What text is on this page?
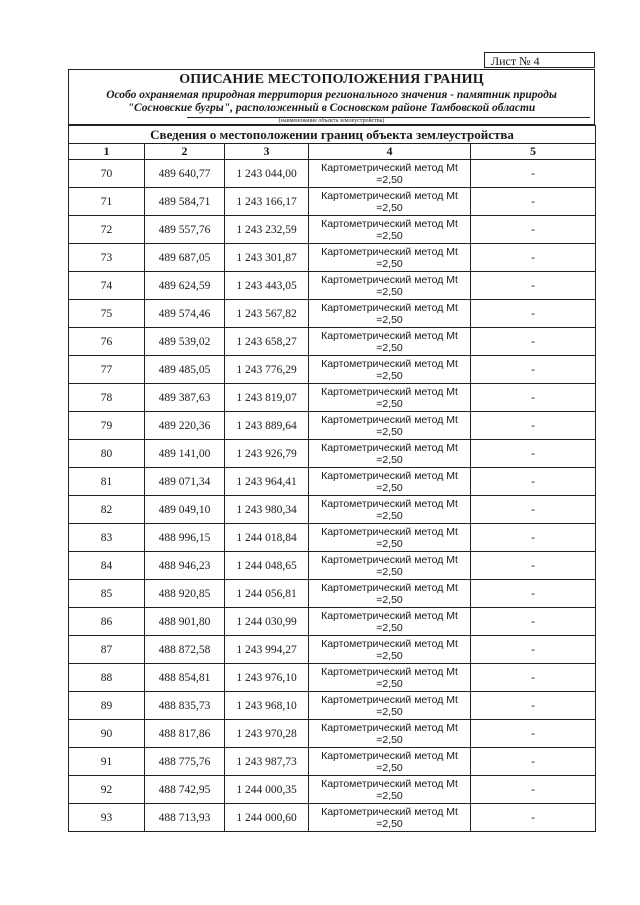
Лист № 4
ОПИСАНИЕ МЕСТОПОЛОЖЕНИЯ ГРАНИЦ
Особо охраняемая природная территория регионального значения - памятник природы "Сосновские бугры", расположенный в Сосновском районе Тамбовской области
(наименование объекта землеустройства)
Сведения о местоположении границ объекта землеустройства				
1	2	3	4	5
70	489 640,77	1 243 044,00	Картометрический метод Mt
=2,50	-
71	489 584,71	1 243 166,17	Картометрический метод Mt
=2,50	-
72	489 557,76	1 243 232,59	Картометрический метод Mt
=2,50	-
73	489 687,05	1 243 301,87	Картометрический метод Mt
=2,50	-
74	489 624,59	1 243 443,05	Картометрический метод Mt
=2,50	-
75	489 574,46	1 243 567,82	Картометрический метод Mt
=2,50	-
76	489 539,02	1 243 658,27	Картометрический метод Mt
=2,50	-
77	489 485,05	1 243 776,29	Картометрический метод Mt
=2,50	-
78	489 387,63	1 243 819,07	Картометрический метод Mt
=2,50	-
79	489 220,36	1 243 889,64	Картометрический метод Mt
=2,50	-
80	489 141,00	1 243 926,79	Картометрический метод Mt
=2,50	-
81	489 071,34	1 243 964,41	Картометрический метод Mt
=2,50	-
82	489 049,10	1 243 980,34	Картометрический метод Mt
=2,50	-
83	488 996,15	1 244 018,84	Картометрический метод Mt
=2,50	-
84	488 946,23	1 244 048,65	Картометрический метод Mt
=2,50	-
85	488 920,85	1 244 056,81	Картометрический метод Mt
=2,50	-
86	488 901,80	1 244 030,99	Картометрический метод Mt
=2,50	-
87	488 872,58	1 243 994,27	Картометрический метод Mt
=2,50	-
88	488 854,81	1 243 976,10	Картометрический метод Mt
=2,50	-
89	488 835,73	1 243 968,10	Картометрический метод Mt
=2,50	-
90	488 817,86	1 243 970,28	Картометрический метод Mt
=2,50	-
91	488 775,76	1 243 987,73	Картометрический метод Mt
=2,50	-
92	488 742,95	1 244 000,35	Картометрический метод Mt
=2,50	-
93	488 713,93	1 244 000,60	Картометрический метод Mt
=2,50	-
